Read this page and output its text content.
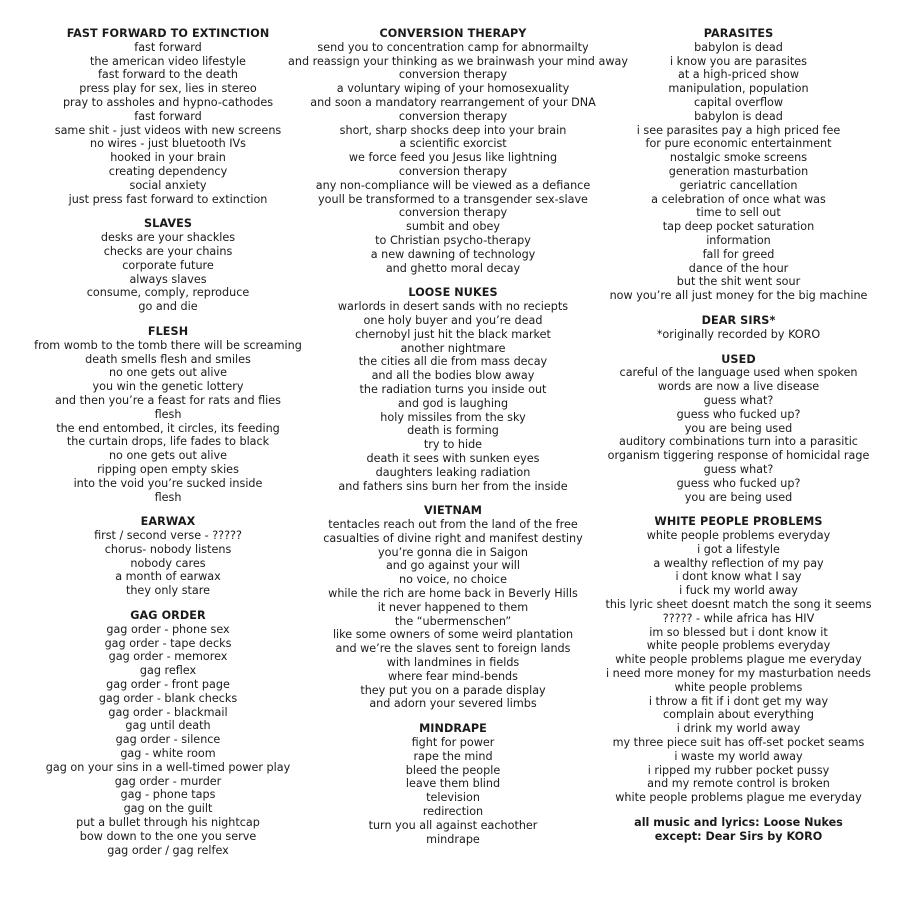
FAST FORWARD TO EXTINCTION
fast forward
the american video lifestyle
fast forward to the death
press play for sex, lies in stereo
pray to assholes and hypno-cathodes
fast forward
same shit - just videos with new screens
no wires - just bluetooth IVs
hooked in your brain
creating dependency
social anxiety
just press fast forward to extinction
SLAVES
desks are your shackles
checks are your chains
corporate future
always slaves
consume, comply, reproduce
go and die
FLESH
from womb to the tomb there will be screaming
death smells flesh and smiles
no one gets out alive
you win the genetic lottery
and then you’re a feast for rats and flies
flesh
the end entombed, it circles, its feeding
the curtain drops, life fades to black
no one gets out alive
ripping open empty skies
into the void you’re sucked inside
flesh
EARWAX
first / second verse - ?????
chorus- nobody listens
nobody cares
a month of earwax
they only stare
GAG ORDER
gag order - phone sex
gag order - tape decks
gag order - memorex
gag reflex
gag order - front page
gag order - blank checks
gag order - blackmail
gag until death
gag order - silence
gag - white room
gag on your sins in a well-timed power play
gag order - murder
gag - phone taps
gag on the guilt
put a bullet through his nightcap
bow down to the one you serve
gag order / gag relfex
CONVERSION THERAPY
send you to concentration camp for abnormailty
and reassign your thinking as we brainwash your mind away
conversion therapy
a voluntary wiping of your homosexuality
and soon a mandatory rearrangement of your DNA
conversion therapy
short, sharp shocks deep into your brain
a scientific exorcist
we force feed you Jesus like lightning
conversion therapy
any non-compliance will be viewed as a defiance
youll be transformed to a transgender sex-slave
conversion therapy
sumbit and obey
to Christian psycho-therapy
a new dawning of technology
and ghetto moral decay
LOOSE NUKES
warlords in desert sands with no reciepts
one holy buyer and you’re dead
chernobyl just hit the black market
another nightmare
the cities all die from mass decay
and all the bodies blow away
the radiation turns you inside out
and god is laughing
holy missiles from the sky
death is forming
try to hide
death it sees with sunken eyes
daughters leaking radiation
and fathers sins burn her from the inside
VIETNAM
tentacles reach out from the land of the free
casualties of divine right and manifest destiny
you’re gonna die in Saigon
and go against your will
no voice, no choice
while the rich are home back in Beverly Hills
it never happened to them
the “ubermenschen”
like some owners of some weird plantation
and we’re the slaves sent to foreign lands
with landmines in fields
where fear mind-bends
they put you on a parade display
and adorn your severed limbs
MINDRAPE
fight for power
rape the mind
bleed the people
leave them blind
television
redirection
turn you all against eachother
mindrape
PARASITES
babylon is dead
i know you are parasites
at a high-priced show
manipulation, population
capital overflow
babylon is dead
i see parasites pay a high priced fee
for pure economic entertainment
nostalgic smoke screens
generation masturbation
geriatric cancellation
a celebration of once what was
time to sell out
tap deep pocket saturation
information
fall for greed
dance of the hour
but the shit went sour
now you’re all just money for the big machine
DEAR SIRS*
*originally recorded by KORO
USED
careful of the language used when spoken
words are now a live disease
guess what?
guess who fucked up?
you are being used
auditory combinations turn into a parasitic
organism tiggering response of homicidal rage
guess what?
guess who fucked up?
you are being used
WHITE PEOPLE PROBLEMS
white people problems everyday
i got a lifestyle
a wealthy reflection of my pay
i dont know what I say
i fuck my world away
this lyric sheet doesnt match the song it seems
????? - while africa has HIV
im so blessed but i dont know it
white people problems everyday
white people problems plague me everyday
i need more money for my masturbation needs
white people problems
i throw a fit if i dont get my way
complain about everything
i drink my world away
my three piece suit has off-set pocket seams
i waste my world away
i ripped my rubber pocket pussy
and my remote control is broken
white people problems plague me everyday
all music and lyrics: Loose Nukes
except: Dear Sirs by KORO
